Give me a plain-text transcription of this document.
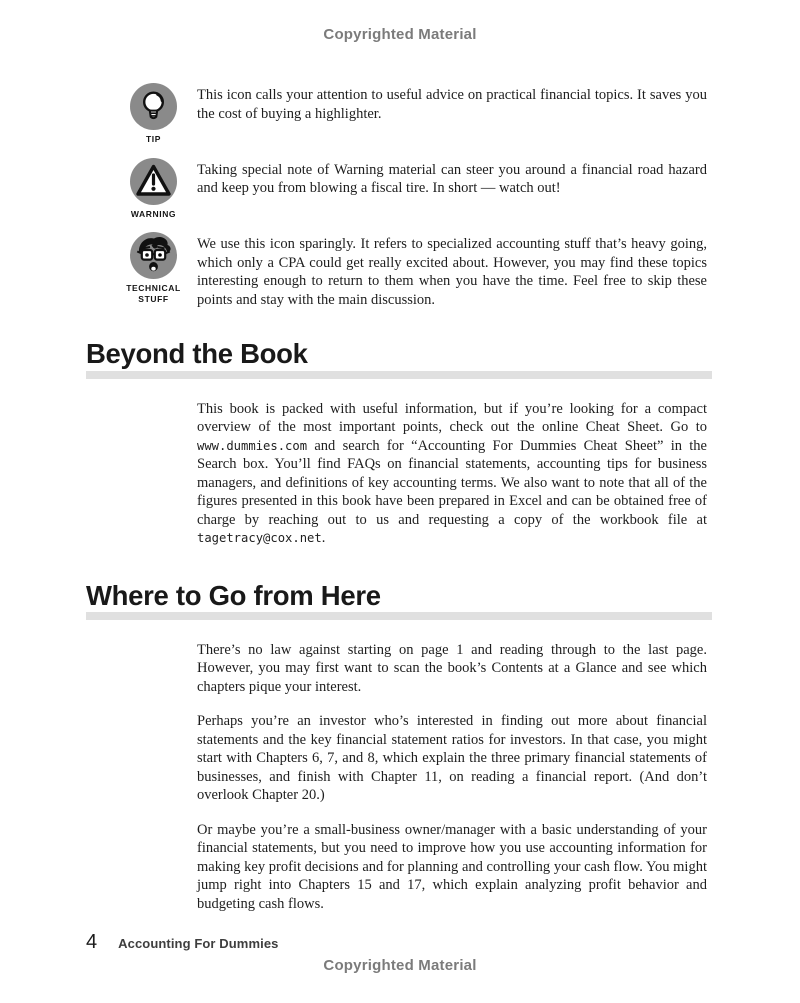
Copyrighted Material
TIP

This icon calls your attention to useful advice on practical financial topics. It saves you the cost of buying a highlighter.

WARNING

Taking special note of Warning material can steer you around a financial road hazard and keep you from blowing a fiscal tire. In short — watch out!

TECHNICAL STUFF

We use this icon sparingly. It refers to specialized accounting stuff that’s heavy going, which only a CPA could get really excited about. However, you may find these topics interesting enough to return to them when you have the time. Feel free to skip these points and stay with the main discussion.

Beyond the Book

This book is packed with useful information, but if you’re looking for a compact overview of the most important points, check out the online Cheat Sheet. Go to www.dummies.com and search for “Accounting For Dummies Cheat Sheet” in the Search box. You’ll find FAQs on financial statements, accounting tips for business managers, and definitions of key accounting terms. We also want to note that all of the figures presented in this book have been prepared in Excel and can be obtained free of charge by reaching out to us and requesting a copy of the workbook file at tagetracy@cox.net.

Where to Go from Here

There’s no law against starting on page 1 and reading through to the last page. However, you may first want to scan the book’s Contents at a Glance and see which chapters pique your interest.

Perhaps you’re an investor who’s interested in finding out more about financial statements and the key financial statement ratios for investors. In that case, you might start with Chapters 6, 7, and 8, which explain the three primary financial statements of businesses, and finish with Chapter 11, on reading a financial report. (And don’t overlook Chapter 20.)

Or maybe you’re a small-business owner/manager with a basic understanding of your financial statements, but you need to improve how you use accounting information for making key profit decisions and for planning and controlling your cash flow. You might jump right into Chapters 15 and 17, which explain analyzing profit behavior and budgeting cash flows.

4 Accounting For Dummies
Copyrighted Material
